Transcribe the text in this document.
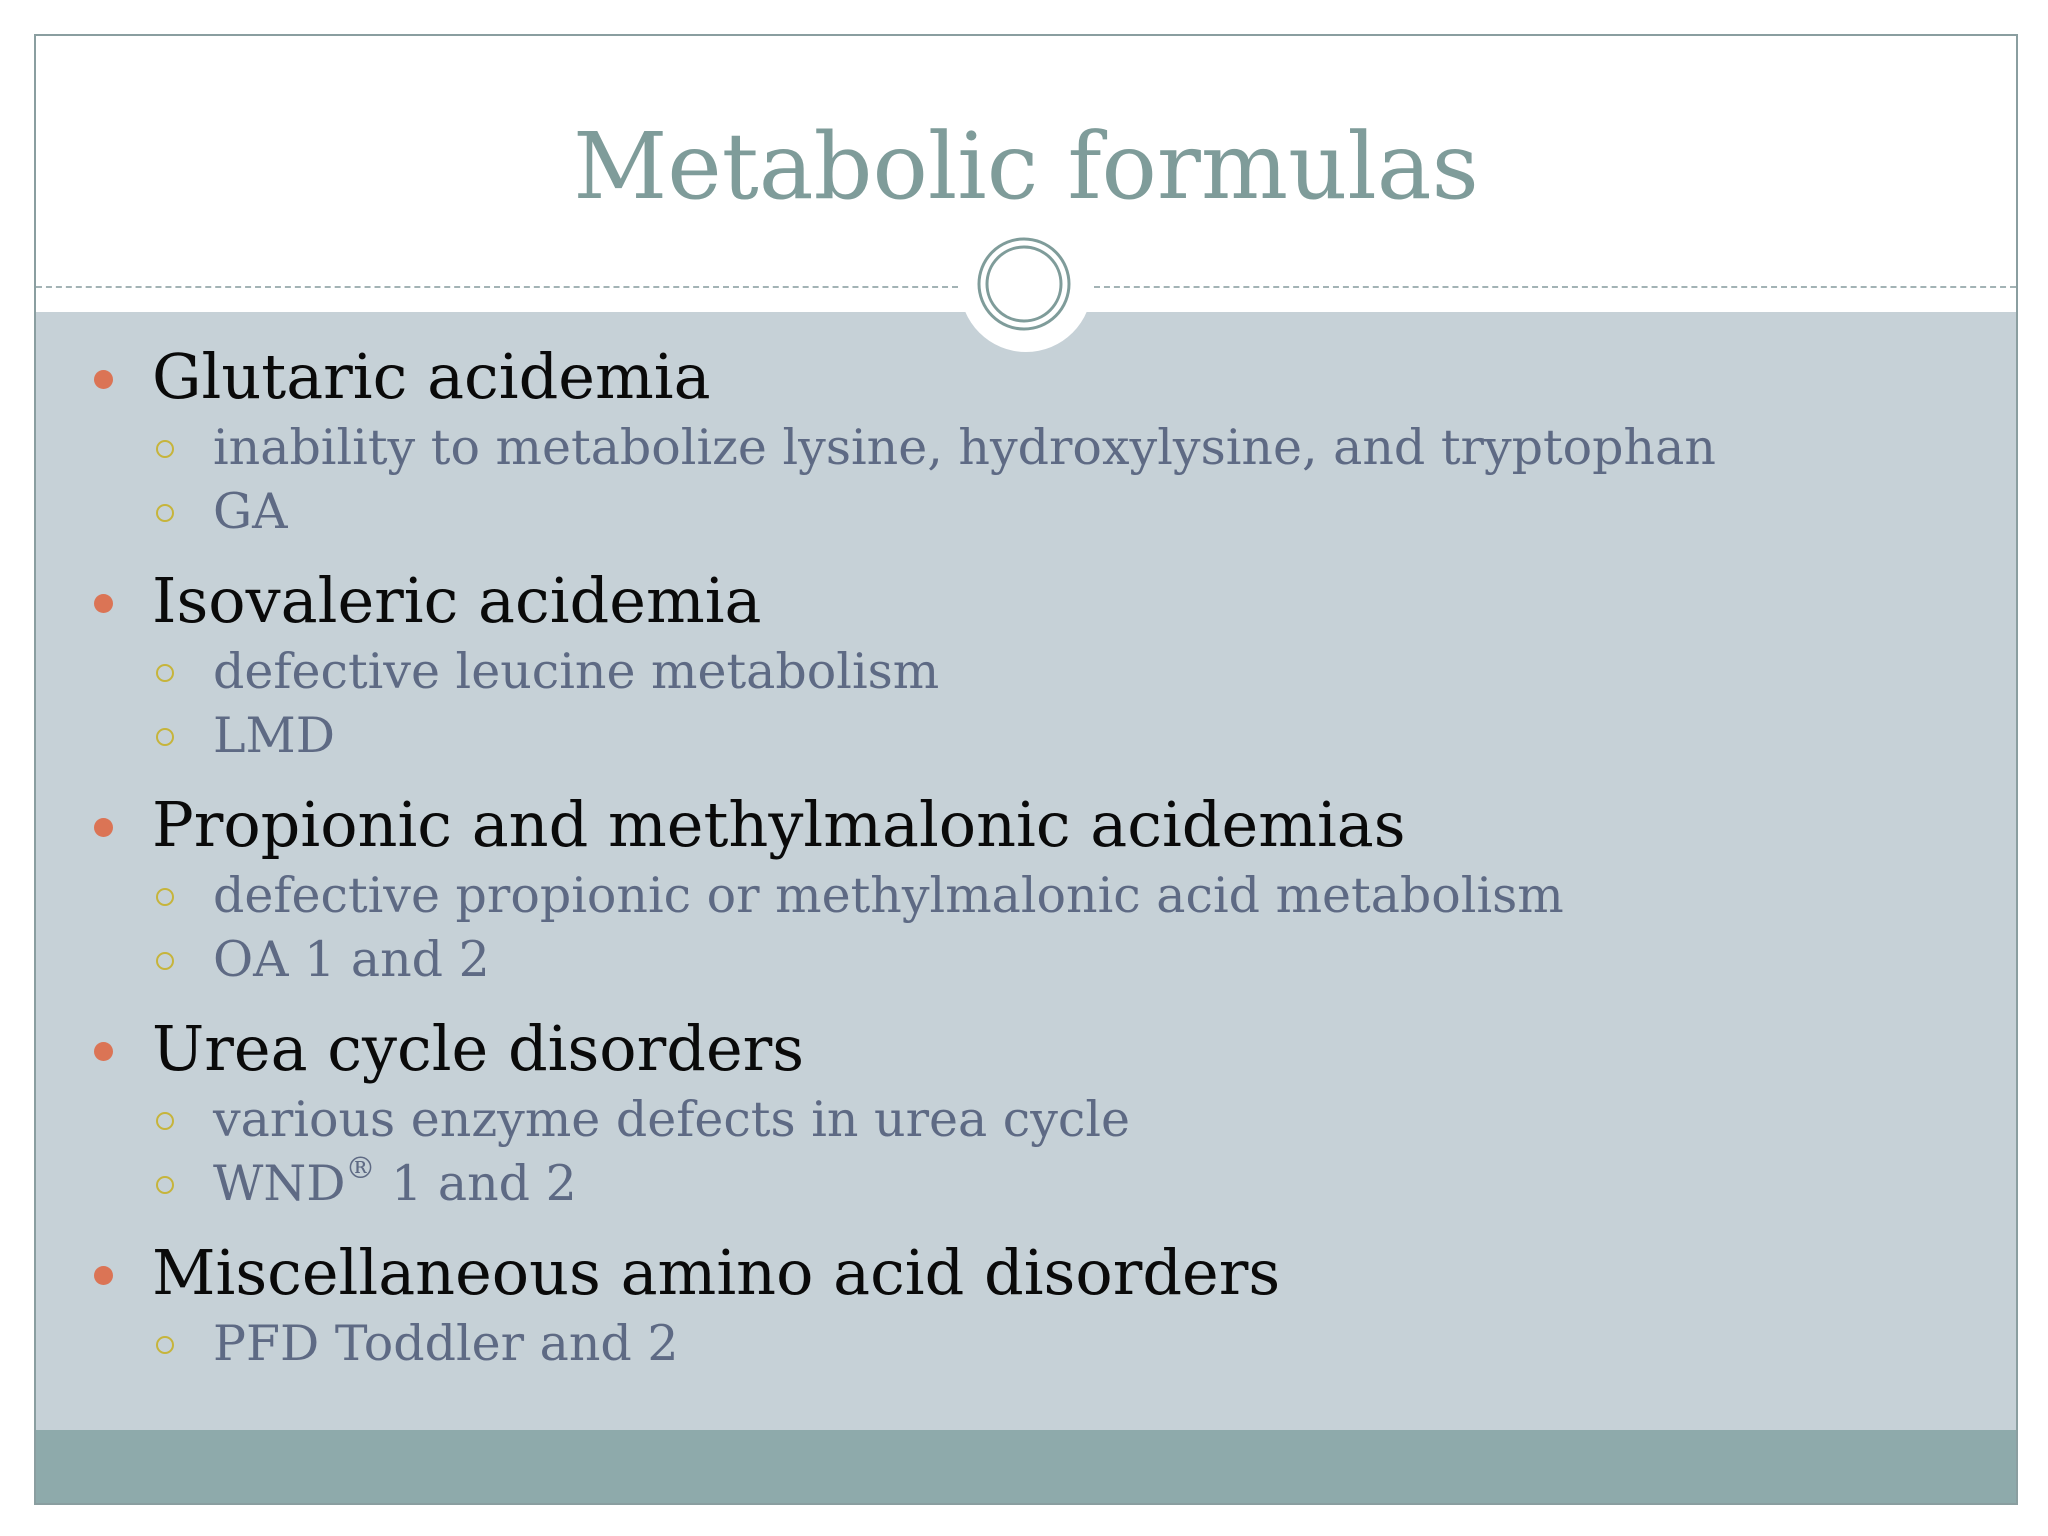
Metabolic formulas
Glutaric acidemia
inability to metabolize lysine, hydroxylysine, and tryptophan
GA
Isovaleric acidemia
defective leucine metabolism
LMD
Propionic and methylmalonic acidemias
defective propionic or methylmalonic acid metabolism
OA 1 and 2
Urea cycle disorders
various enzyme defects in urea cycle
WND® 1 and 2
Miscellaneous amino acid disorders
PFD Toddler and 2
